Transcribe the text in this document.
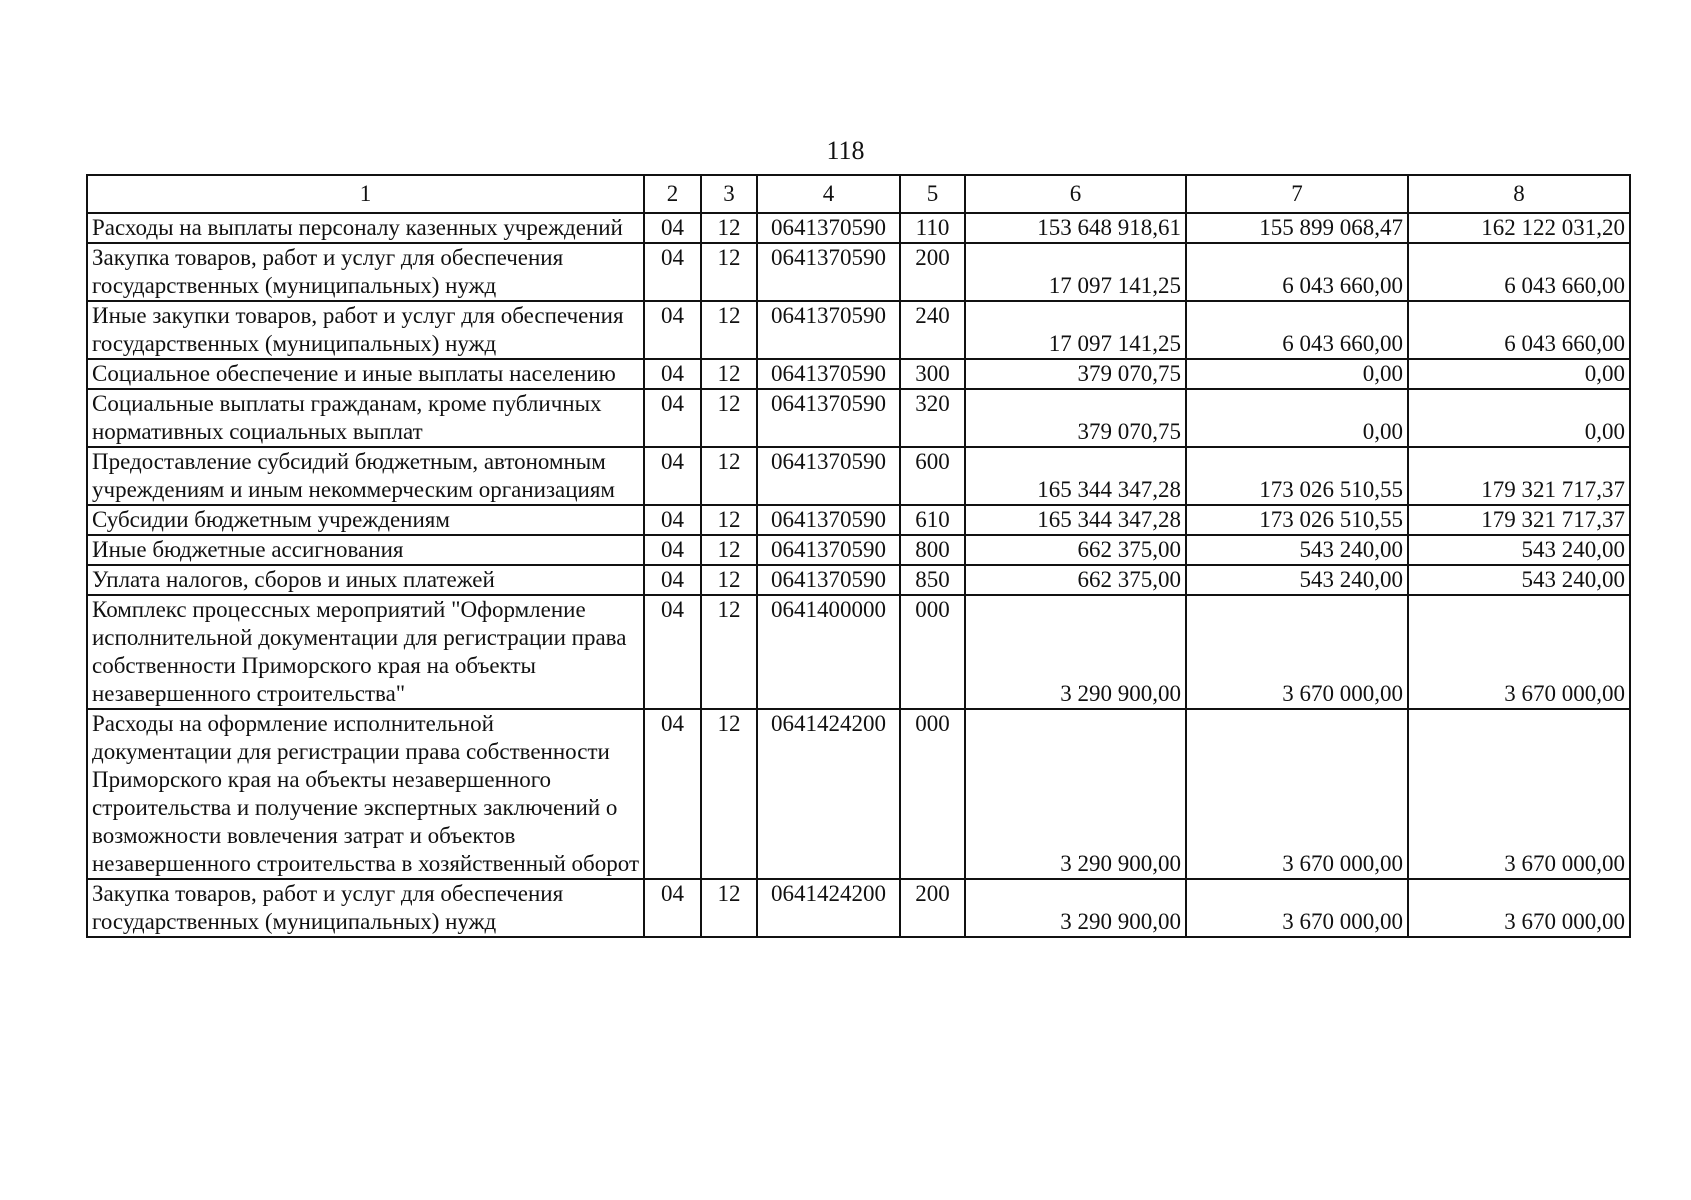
118
1	2	3	4	5	6	7	8
Расходы на выплаты персоналу казенных учреждений	04	12	0641370590	110	153 648 918,61	155 899 068,47	162 122 031,20
Закупка товаров, работ и услуг для обеспечения государственных (муниципальных) нужд	04	12	0641370590	200	17 097 141,25	6 043 660,00	6 043 660,00
Иные закупки товаров, работ и услуг для обеспечения государственных (муниципальных) нужд	04	12	0641370590	240	17 097 141,25	6 043 660,00	6 043 660,00
Социальное обеспечение и иные выплаты населению	04	12	0641370590	300	379 070,75	0,00	0,00
Социальные выплаты гражданам, кроме публичных нормативных социальных выплат	04	12	0641370590	320	379 070,75	0,00	0,00
Предоставление субсидий бюджетным, автономным учреждениям и иным некоммерческим организациям	04	12	0641370590	600	165 344 347,28	173 026 510,55	179 321 717,37
Субсидии бюджетным учреждениям	04	12	0641370590	610	165 344 347,28	173 026 510,55	179 321 717,37
Иные бюджетные ассигнования	04	12	0641370590	800	662 375,00	543 240,00	543 240,00
Уплата налогов, сборов и иных платежей	04	12	0641370590	850	662 375,00	543 240,00	543 240,00
Комплекс процессных мероприятий "Оформление исполнительной документации для регистрации права собственности Приморского края на объекты незавершенного строительства"	04	12	0641400000	000	3 290 900,00	3 670 000,00	3 670 000,00
Расходы на оформление исполнительной документации для регистрации права собственности Приморского края на объекты незавершенного строительства и получение экспертных заключений о возможности вовлечения затрат и объектов незавершенного строительства в хозяйственный оборот	04	12	0641424200	000	3 290 900,00	3 670 000,00	3 670 000,00
Закупка товаров, работ и услуг для обеспечения государственных (муниципальных) нужд	04	12	0641424200	200	3 290 900,00	3 670 000,00	3 670 000,00
